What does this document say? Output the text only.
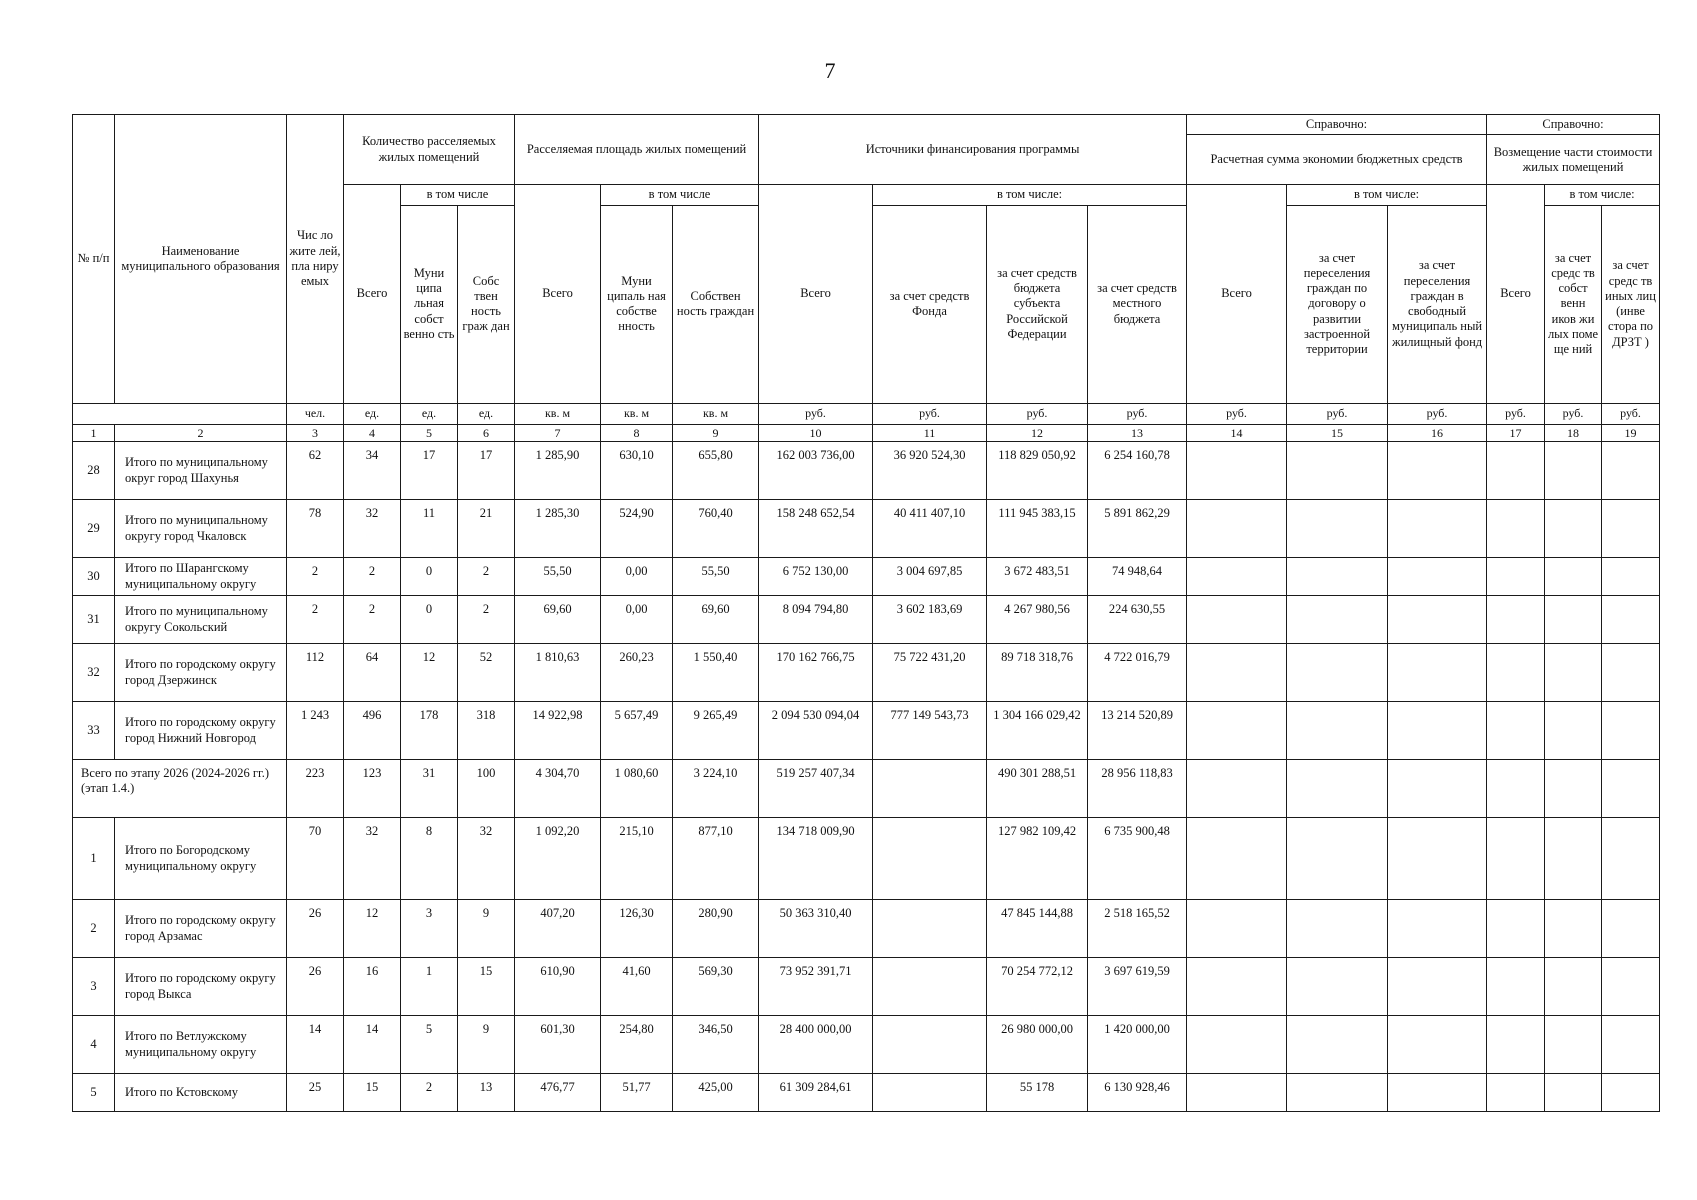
7
№ п/п	Наименование муниципального образования	Чис ло жите лей, пла ниру емых	Количество расселяемых жилых помещений			Расселяемая площадь жилых помещений			Источники финансирования программы				Справочно:			Справочно:		
													Расчетная сумма экономии бюджетных средств			Возмещение части стоимости жилых помещений		
			Всего	в том числе		Всего	в том числе		Всего	в том числе:			Всего	в том числе:		Всего	в том числе:	
				Муни ципа льная собст венно сть	Собс твен ность граж дан		Муни ципаль ная собстве нность	Собствен ность граждан		за счет средств Фонда	за счет средств бюджета субъекта Российской Федерации	за счет средств местного бюджета		за счет переселения граждан по договору о развитии застроенной территории	за счет переселения граждан в свободный муниципаль ный жилищный фонд		за счет средс тв собст венн иков жи лых поме ще ний	за счет средс тв иных лиц (инве стора по ДРЗТ )
		чел.	ед.	ед.	ед.	кв. м	кв. м	кв. м	руб.	руб.	руб.	руб.	руб.	руб.	руб.	руб.	руб.	руб.
1	2	3	4	5	6	7	8	9	10	11	12	13	14	15	16	17	18	19
28	Итого по муниципальному округ город Шахунья	62	34	17	17	1 285,90	630,10	655,80	162 003 736,00	36 920 524,30	118 829 050,92	6 254 160,78						
29	Итого по муниципальному округу город Чкаловск	78	32	11	21	1 285,30	524,90	760,40	158 248 652,54	40 411 407,10	111 945 383,15	5 891 862,29						
30	Итого по Шарангскому муниципальному округу	2	2	0	2	55,50	0,00	55,50	6 752 130,00	3 004 697,85	3 672 483,51	74 948,64						
31	Итого по муниципальному округу Сокольский	2	2	0	2	69,60	0,00	69,60	8 094 794,80	3 602 183,69	4 267 980,56	224 630,55						
32	Итого по городскому округу город Дзержинск	112	64	12	52	1 810,63	260,23	1 550,40	170 162 766,75	75 722 431,20	89 718 318,76	4 722 016,79						
33	Итого по городскому округу город Нижний Новгород	1 243	496	178	318	14 922,98	5 657,49	9 265,49	2 094 530 094,04	777 149 543,73	1 304 166 029,42	13 214 520,89						
Всего по этапу 2026 (2024-2026 гг.) (этап 1.4.)		223	123	31	100	4 304,70	1 080,60	3 224,10	519 257 407,34		490 301 288,51	28 956 118,83						
1	Итого по Богородскому муниципальному округу	70	32	8	32	1 092,20	215,10	877,10	134 718 009,90		127 982 109,42	6 735 900,48						
2	Итого по городскому округу город Арзамас	26	12	3	9	407,20	126,30	280,90	50 363 310,40		47 845 144,88	2 518 165,52						
3	Итого по городскому округу город Выкса	26	16	1	15	610,90	41,60	569,30	73 952 391,71		70 254 772,12	3 697 619,59						
4	Итого по Ветлужскому муниципальному округу	14	14	5	9	601,30	254,80	346,50	28 400 000,00		26 980 000,00	1 420 000,00						
5	Итого по Кстовскому	25	15	2	13	476,77	51,77	425,00	61 309 284,61		55 178	6 130 928,46						
